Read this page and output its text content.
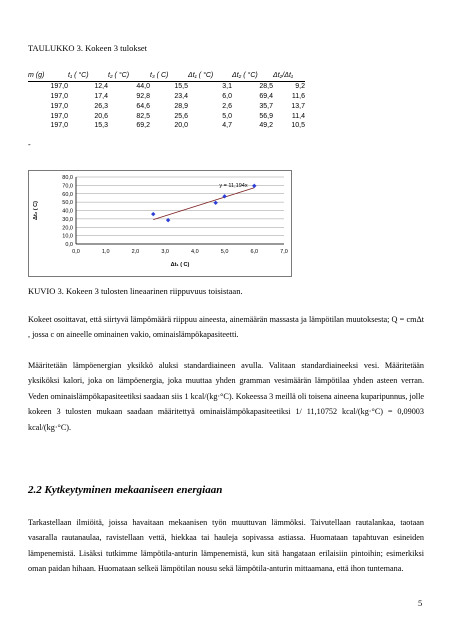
TAULUKKO 3. Kokeen 3 tulokset
m (g)	t₁ ( °C)	t₂ ( °C)	t₃ ( C)	Δt₁ ( °C)	Δt₂ ( °C)	Δt₂/Δt₁
197,0	12,4	44,0	15,5	3,1	28,5	9,2
197,0	17,4	92,8	23,4	6,0	69,4	11,6
197,0	26,3	64,6	28,9	2,6	35,7	13,7
197,0	20,6	82,5	25,6	5,0	56,9	11,4
197,0	15,3	69,2	20,0	4,7	49,2	10,5
-
0,0
10,0
20,0
30,0
40,0
50,0
60,0
70,0
80,0
0,0	1,0	2,0	3,0	4,0	5,0	6,0	7,0
Δt₁ ( C)
Δt₂ ( C)
y = 11,194x
KUVIO 3. Kokeen 3 tulosten lineaarinen riippuvuus toisistaan.

Kokeet osoittavat, että siirtyvä lämpömäärä riippuu aineesta, ainemäärän massasta ja lämpötilan muutoksesta; Q = cmΔt , jossa c on aineelle ominainen vakio, ominaislämpökapasiteetti.

Määritetään lämpöenergian yksikkö aluksi standardiaineen avulla. Valitaan standardiaineeksi vesi. Määritetään yksiköksi kalori, joka on lämpöenergia, joka muuttaa yhden gramman vesimäärän lämpötilaa yhden asteen verran. Veden ominaislämpökapasiteetiksi saadaan siis 1 kcal/(kg·°C). Kokeessa 3 meillä oli toisena aineena kuparipunnus, jolle kokeen 3 tulosten mukaan saadaan määritettyä ominaislämpökapasiteetiksi 1/ 11,10752 kcal/(kg·°C) = 0,09003 kcal/(kg·°C).

2.2 Kytkeytyminen mekaaniseen energiaan

Tarkastellaan ilmiöitä, joissa havaitaan mekaanisen työn muuttuvan lämmöksi. Taivutellaan rautalankaa, taotaan vasaralla rautanaulaa, ravistellaan vettä, hiekkaa tai hauleja sopivassa astiassa. Huomataan tapahtuvan esineiden lämpenemistä. Lisäksi tutkimme lämpötila-anturin lämpenemistä, kun sitä hangataan erilaisiin pintoihin; esimerkiksi oman paidan hihaan. Huomataan selkeä lämpötilan nousu sekä lämpötila-anturin mittaamana, että ihon tuntemana.

5
